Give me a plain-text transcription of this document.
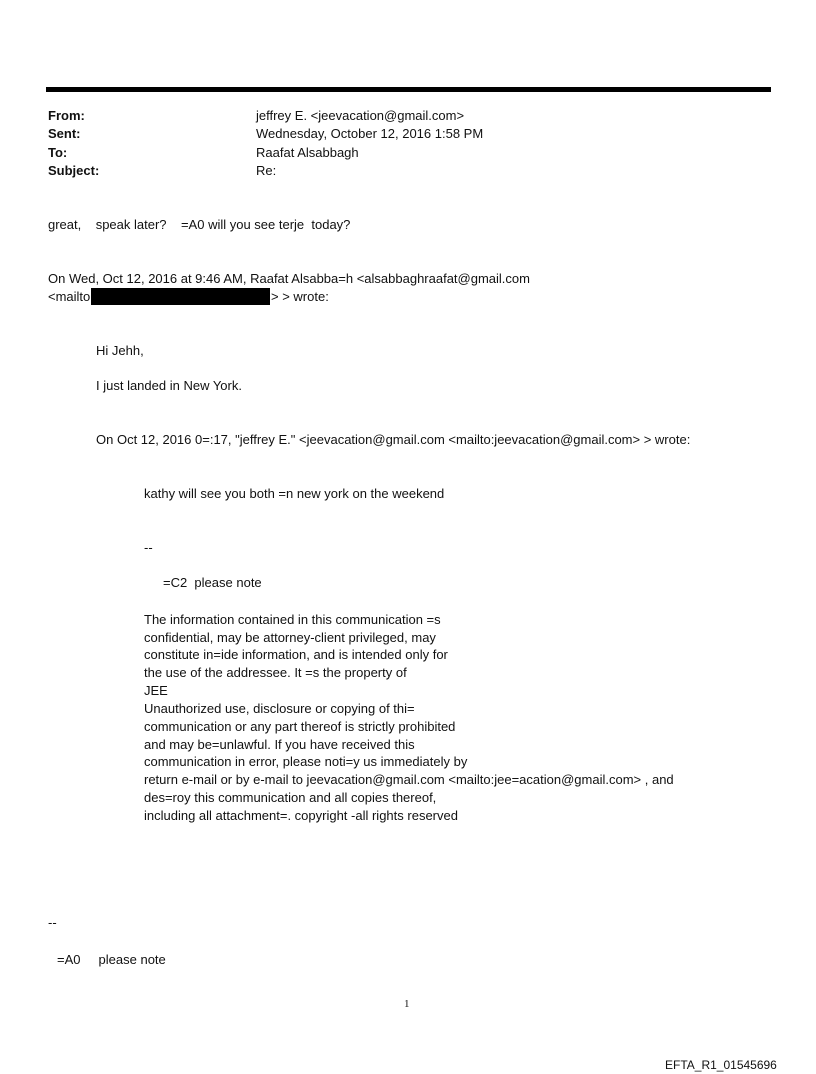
From:	jeffrey E. <jeevacation@gmail.com>
Sent:	Wednesday, October 12, 2016 1:58 PM
To:	Raafat Alsabbagh
Subject:	Re:
great,    speak later?    =A0 will you see terje  today?
On Wed, Oct 12, 2016 at 9:46 AM, Raafat Alsabba=h <alsabbaghraafat@gmail.com
<mailto	> > wrote:
Hi Jehh,
I just landed in New York.
On Oct 12, 2016 0=:17, "jeffrey E." <jeevacation@gmail.com <mailto:jeevacation@gmail.com> > wrote:
kathy will see you both =n new york on the weekend
--
=C2  please note
The information contained in this communication =s
confidential, may be attorney-client privileged, may
constitute in=ide information, and is intended only for
the use of the addressee. It =s the property of
JEE
Unauthorized use, disclosure or copying of thi=
communication or any part thereof is strictly prohibited
and may be=unlawful. If you have received this
communication in error, please noti=y us immediately by
return e-mail or by e-mail to jeevacation@gmail.com <mailto:jee=acation@gmail.com> , and
des=roy this communication and all copies thereof,
including all attachment=. copyright -all rights reserved
--
=A0     please note
1
EFTA_R1_01545696
